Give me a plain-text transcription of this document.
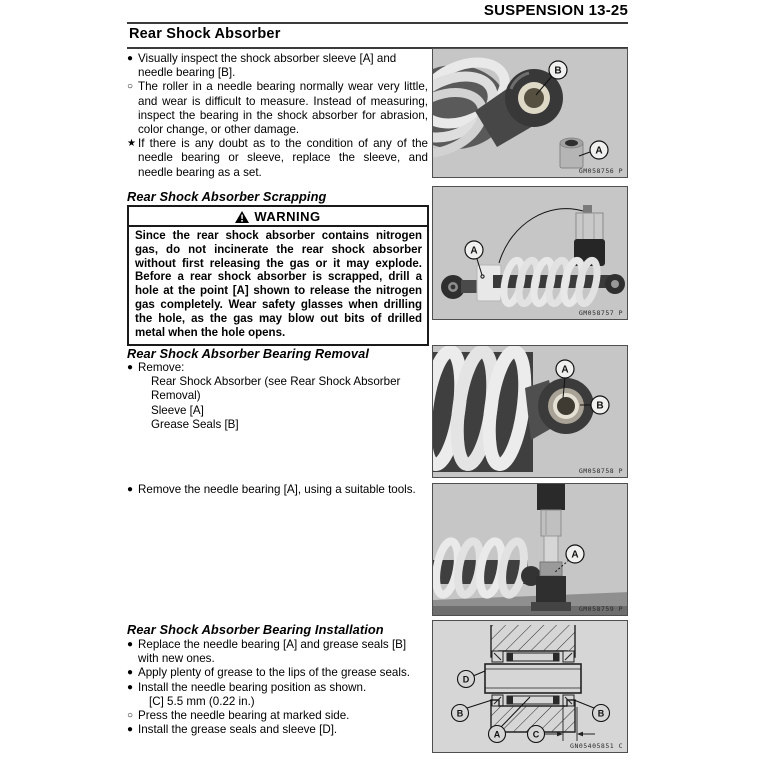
SUSPENSION 13-25
Rear Shock Absorber
● Visually inspect the shock absorber sleeve [A] and needle bearing [B].
○ The roller in a needle bearing normally wear very little, and wear is difficult to measure. Instead of measuring, inspect the bearing in the shock absorber for abrasion, color change, or other damage.
★ If there is any doubt as to the condition of any of the needle bearing or sleeve, replace the sleeve, and needle bearing as a set.
Rear Shock Absorber Scrapping
WARNING
Since the rear shock absorber contains nitrogen gas, do not incinerate the rear shock absorber without first releasing the gas or it may explode. Before a rear shock absorber is scrapped, drill a hole at the point [A] shown to release the nitrogen gas completely. Wear safety glasses when drilling the hole, as the gas may blow out bits of drilled metal when the hole opens.
Rear Shock Absorber Bearing Removal
● Remove:
Rear Shock Absorber (see Rear Shock Absorber Removal)
Sleeve [A]
Grease Seals [B]
● Remove the needle bearing [A], using a suitable tools.
Rear Shock Absorber Bearing Installation
● Replace the needle bearing [A] and grease seals [B] with new ones.
● Apply plenty of grease to the lips of the grease seals.
● Install the needle bearing position as shown.
[C] 5.5 mm (0.22 in.)
○ Press the needle bearing at marked side.
● Install the grease seals and sleeve [D].
B
A
GM058756 P
A
GM058757 P
A
B
GM058758 P
A
GM058759 P
D
B	B
A	C
GN05405851 C
